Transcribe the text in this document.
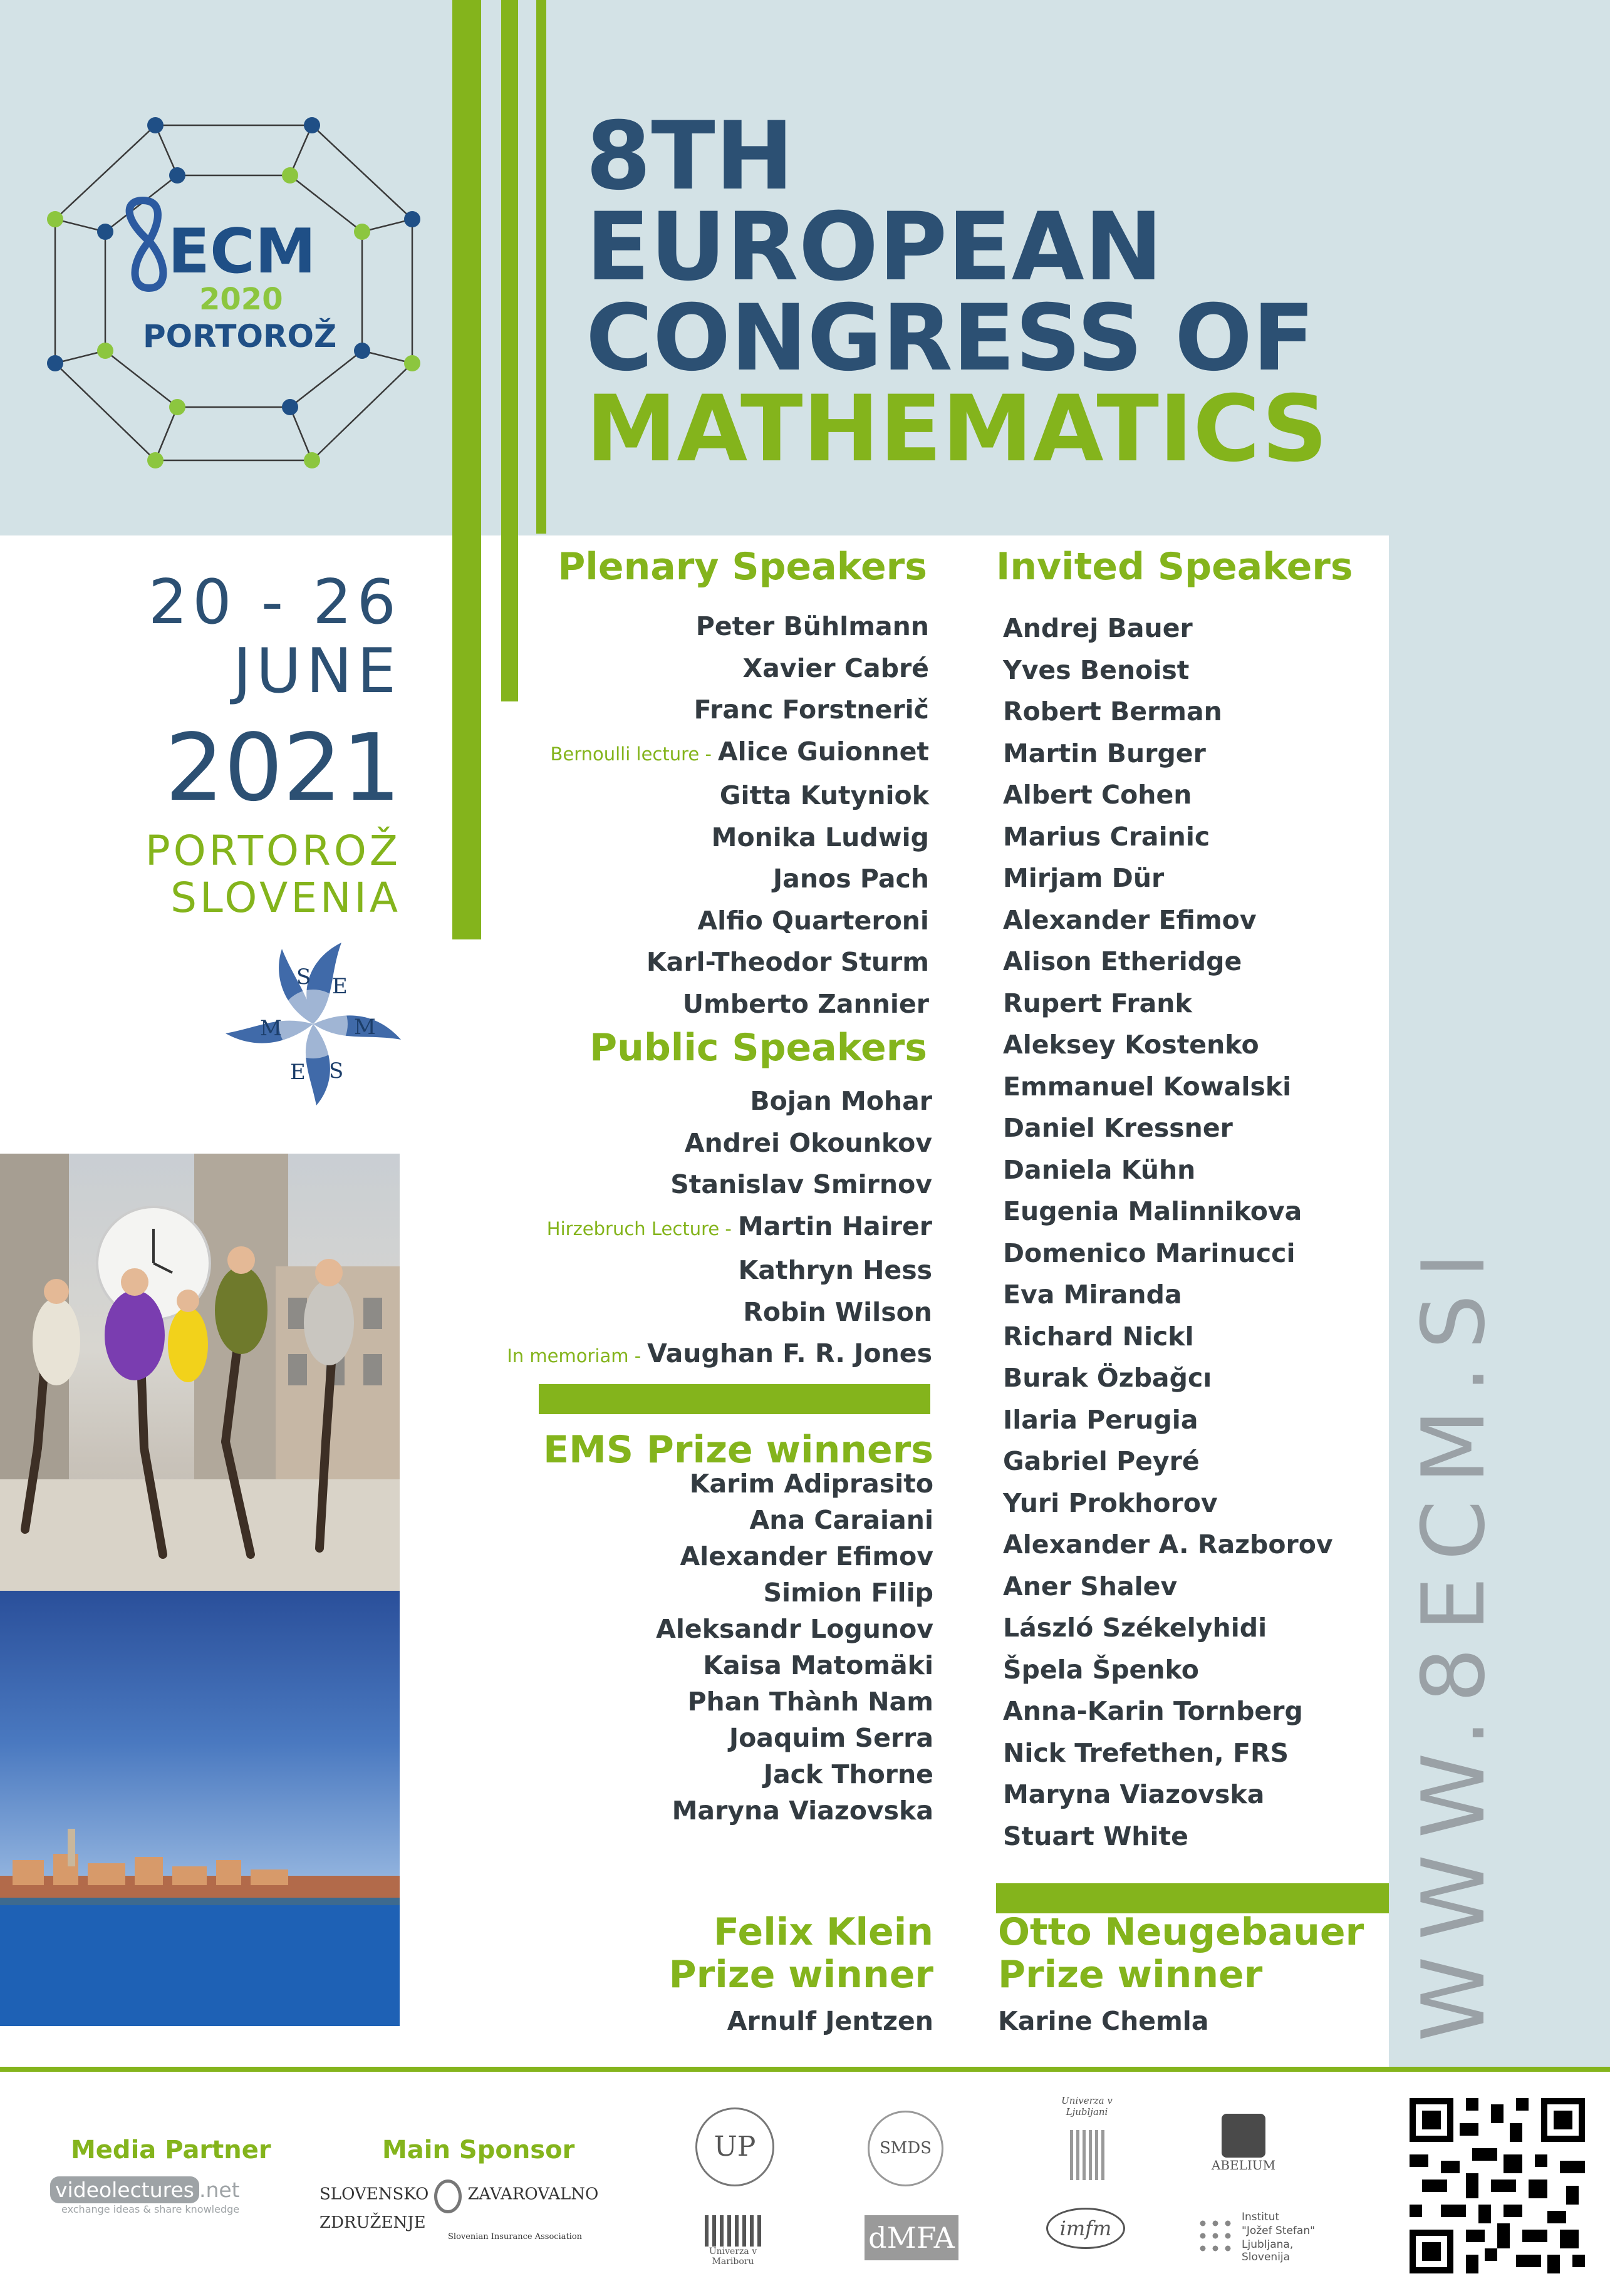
ECM
2020
PORTOROŽ
8TH
EUROPEAN
CONGRESS OF
MATHEMATICS
20 - 26
JUNE
2021
PORTOROŽ
SLOVENIA
S E
M
S
E
M
Plenary Speakers
Peter Bühlmann
Xavier Cabré
Franc Forstnerič
Bernoulli lecture - Alice Guionnet
Gitta Kutyniok
Monika Ludwig
Janos Pach
Alfio Quarteroni
Karl-Theodor Sturm
Umberto Zannier
Public Speakers
Bojan Mohar
Andrei Okounkov
Stanislav Smirnov
Hirzebruch Lecture - Martin Hairer
Kathryn Hess
Robin Wilson
In memoriam - Vaughan F. R. Jones
EMS Prize winners
Karim Adiprasito
Ana Caraiani
Alexander Efimov
Simion Filip
Aleksandr Logunov
Kaisa Matomäki
Phan Thành Nam
Joaquim Serra
Jack Thorne
Maryna Viazovska
Invited Speakers
Andrej Bauer
Yves Benoist
Robert Berman
Martin Burger
Albert Cohen
Marius Crainic
Mirjam Dür
Alexander Efimov
Alison Etheridge
Rupert Frank
Aleksey Kostenko
Emmanuel Kowalski
Daniel Kressner
Daniela Kühn
Eugenia Malinnikova
Domenico Marinucci
Eva Miranda
Richard Nickl
Burak Özbağcı
Ilaria Perugia
Gabriel Peyré
Yuri Prokhorov
Alexander A. Razborov
Aner Shalev
László Székelyhidi
Špela Špenko
Anna-Karin Tornberg
Nick Trefethen, FRS
Maryna Viazovska
Stuart White
Felix Klein
Prize winner
Arnulf Jentzen
Otto Neugebauer
Prize winner
Karine Chemla WWW.8ECM.SI
Media Partner
videolectures .net
exchange ideas & share knowledge
Main Sponsor
SLOVENSKO ZAVAROVALNO ZDRUŽENJE
Slovenian Insurance Association
UP	SMDS
Univerza v Ljubljani
ABELIUM
Univerza v Mariboru
dMFA	imfm	Institut
"Jožef Stefan"
Ljubljana, Slovenija
